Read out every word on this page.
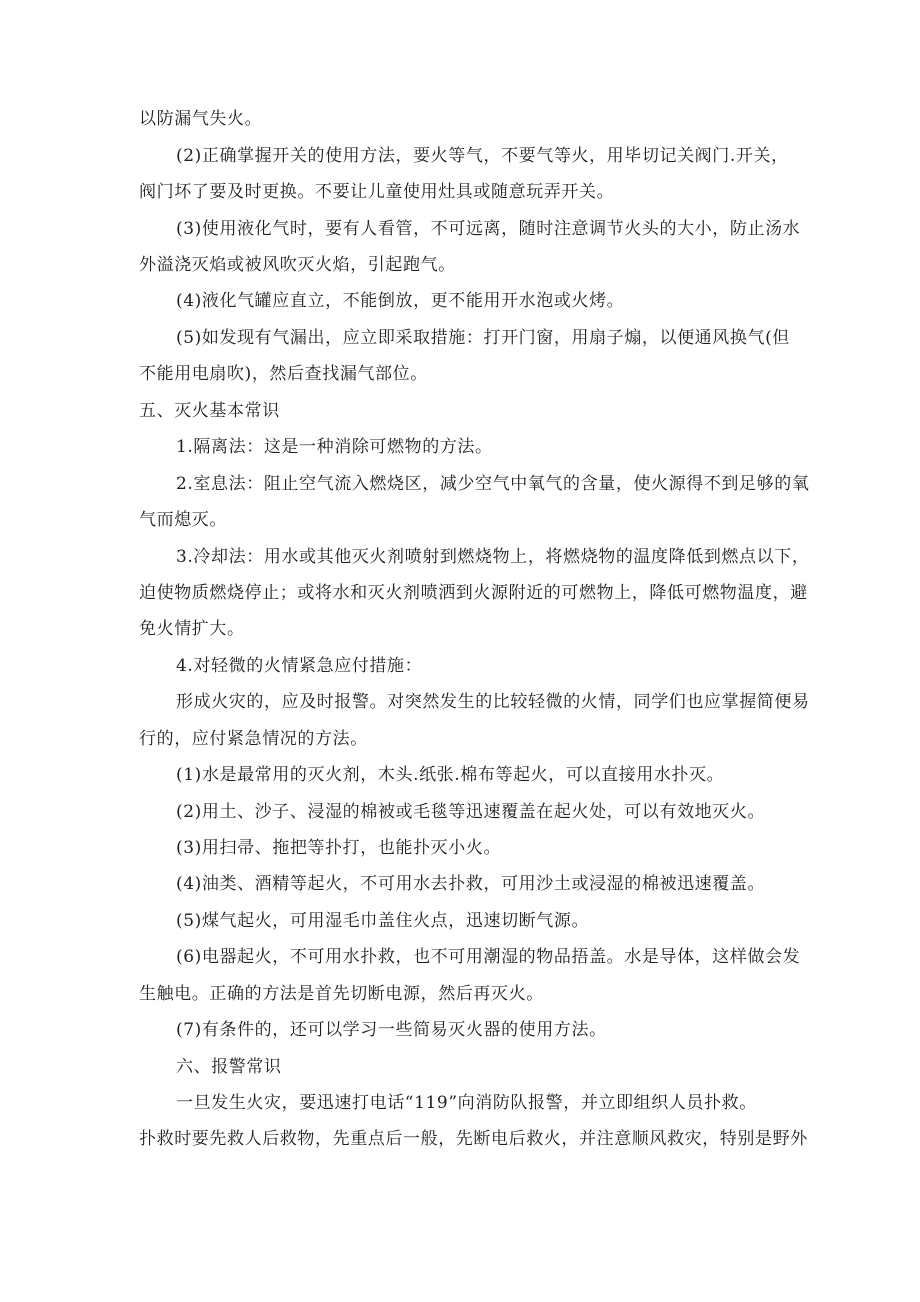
以防漏气失火。
(2)正确掌握开关的使用方法，要火等气，不要气等火，用毕切记关阀门.开关，
阀门坏了要及时更换。不要让儿童使用灶具或随意玩弄开关。
(3)使用液化气时，要有人看管，不可远离，随时注意调节火头的大小，防止汤水
外溢浇灭焰或被风吹灭火焰，引起跑气。
(4)液化气罐应直立，不能倒放，更不能用开水泡或火烤。
(5)如发现有气漏出，应立即采取措施：打开门窗，用扇子煽，以便通风换气(但
不能用电扇吹)，然后查找漏气部位。
五、灭火基本常识
1.隔离法：这是一种消除可燃物的方法。
2.室息法：阻止空气流入燃烧区，减少空气中氧气的含量，使火源得不到足够的氧
气而熄灭。
3.冷却法：用水或其他灭火剂喷射到燃烧物上，将燃烧物的温度降低到燃点以下，
迫使物质燃烧停止；或将水和灭火剂喷洒到火源附近的可燃物上，降低可燃物温度，避
免火情扩大。
4.对轻微的火情紧急应付措施：
形成火灾的，应及时报警。对突然发生的比较轻微的火情，同学们也应掌握简便易
行的，应付紧急情况的方法。
(1)水是最常用的灭火剂，木头.纸张.棉布等起火，可以直接用水扑灭。
(2)用土、沙子、浸湿的棉被或毛毯等迅速覆盖在起火处，可以有效地灭火。
(3)用扫帚、拖把等扑打，也能扑灭小火。
(4)油类、酒精等起火，不可用水去扑救，可用沙土或浸湿的棉被迅速覆盖。
(5)煤气起火，可用湿毛巾盖住火点，迅速切断气源。
(6)电器起火，不可用水扑救，也不可用潮湿的物品捂盖。水是导体，这样做会发
生触电。正确的方法是首先切断电源，然后再灭火。
(7)有条件的，还可以学习一些简易灭火器的使用方法。
六、报警常识
一旦发生火灾，要迅速打电话“119”向消防队报警，并立即组织人员扑救。
扑救时要先救人后救物，先重点后一般，先断电后救火，并注意顺风救灾，特别是野外
